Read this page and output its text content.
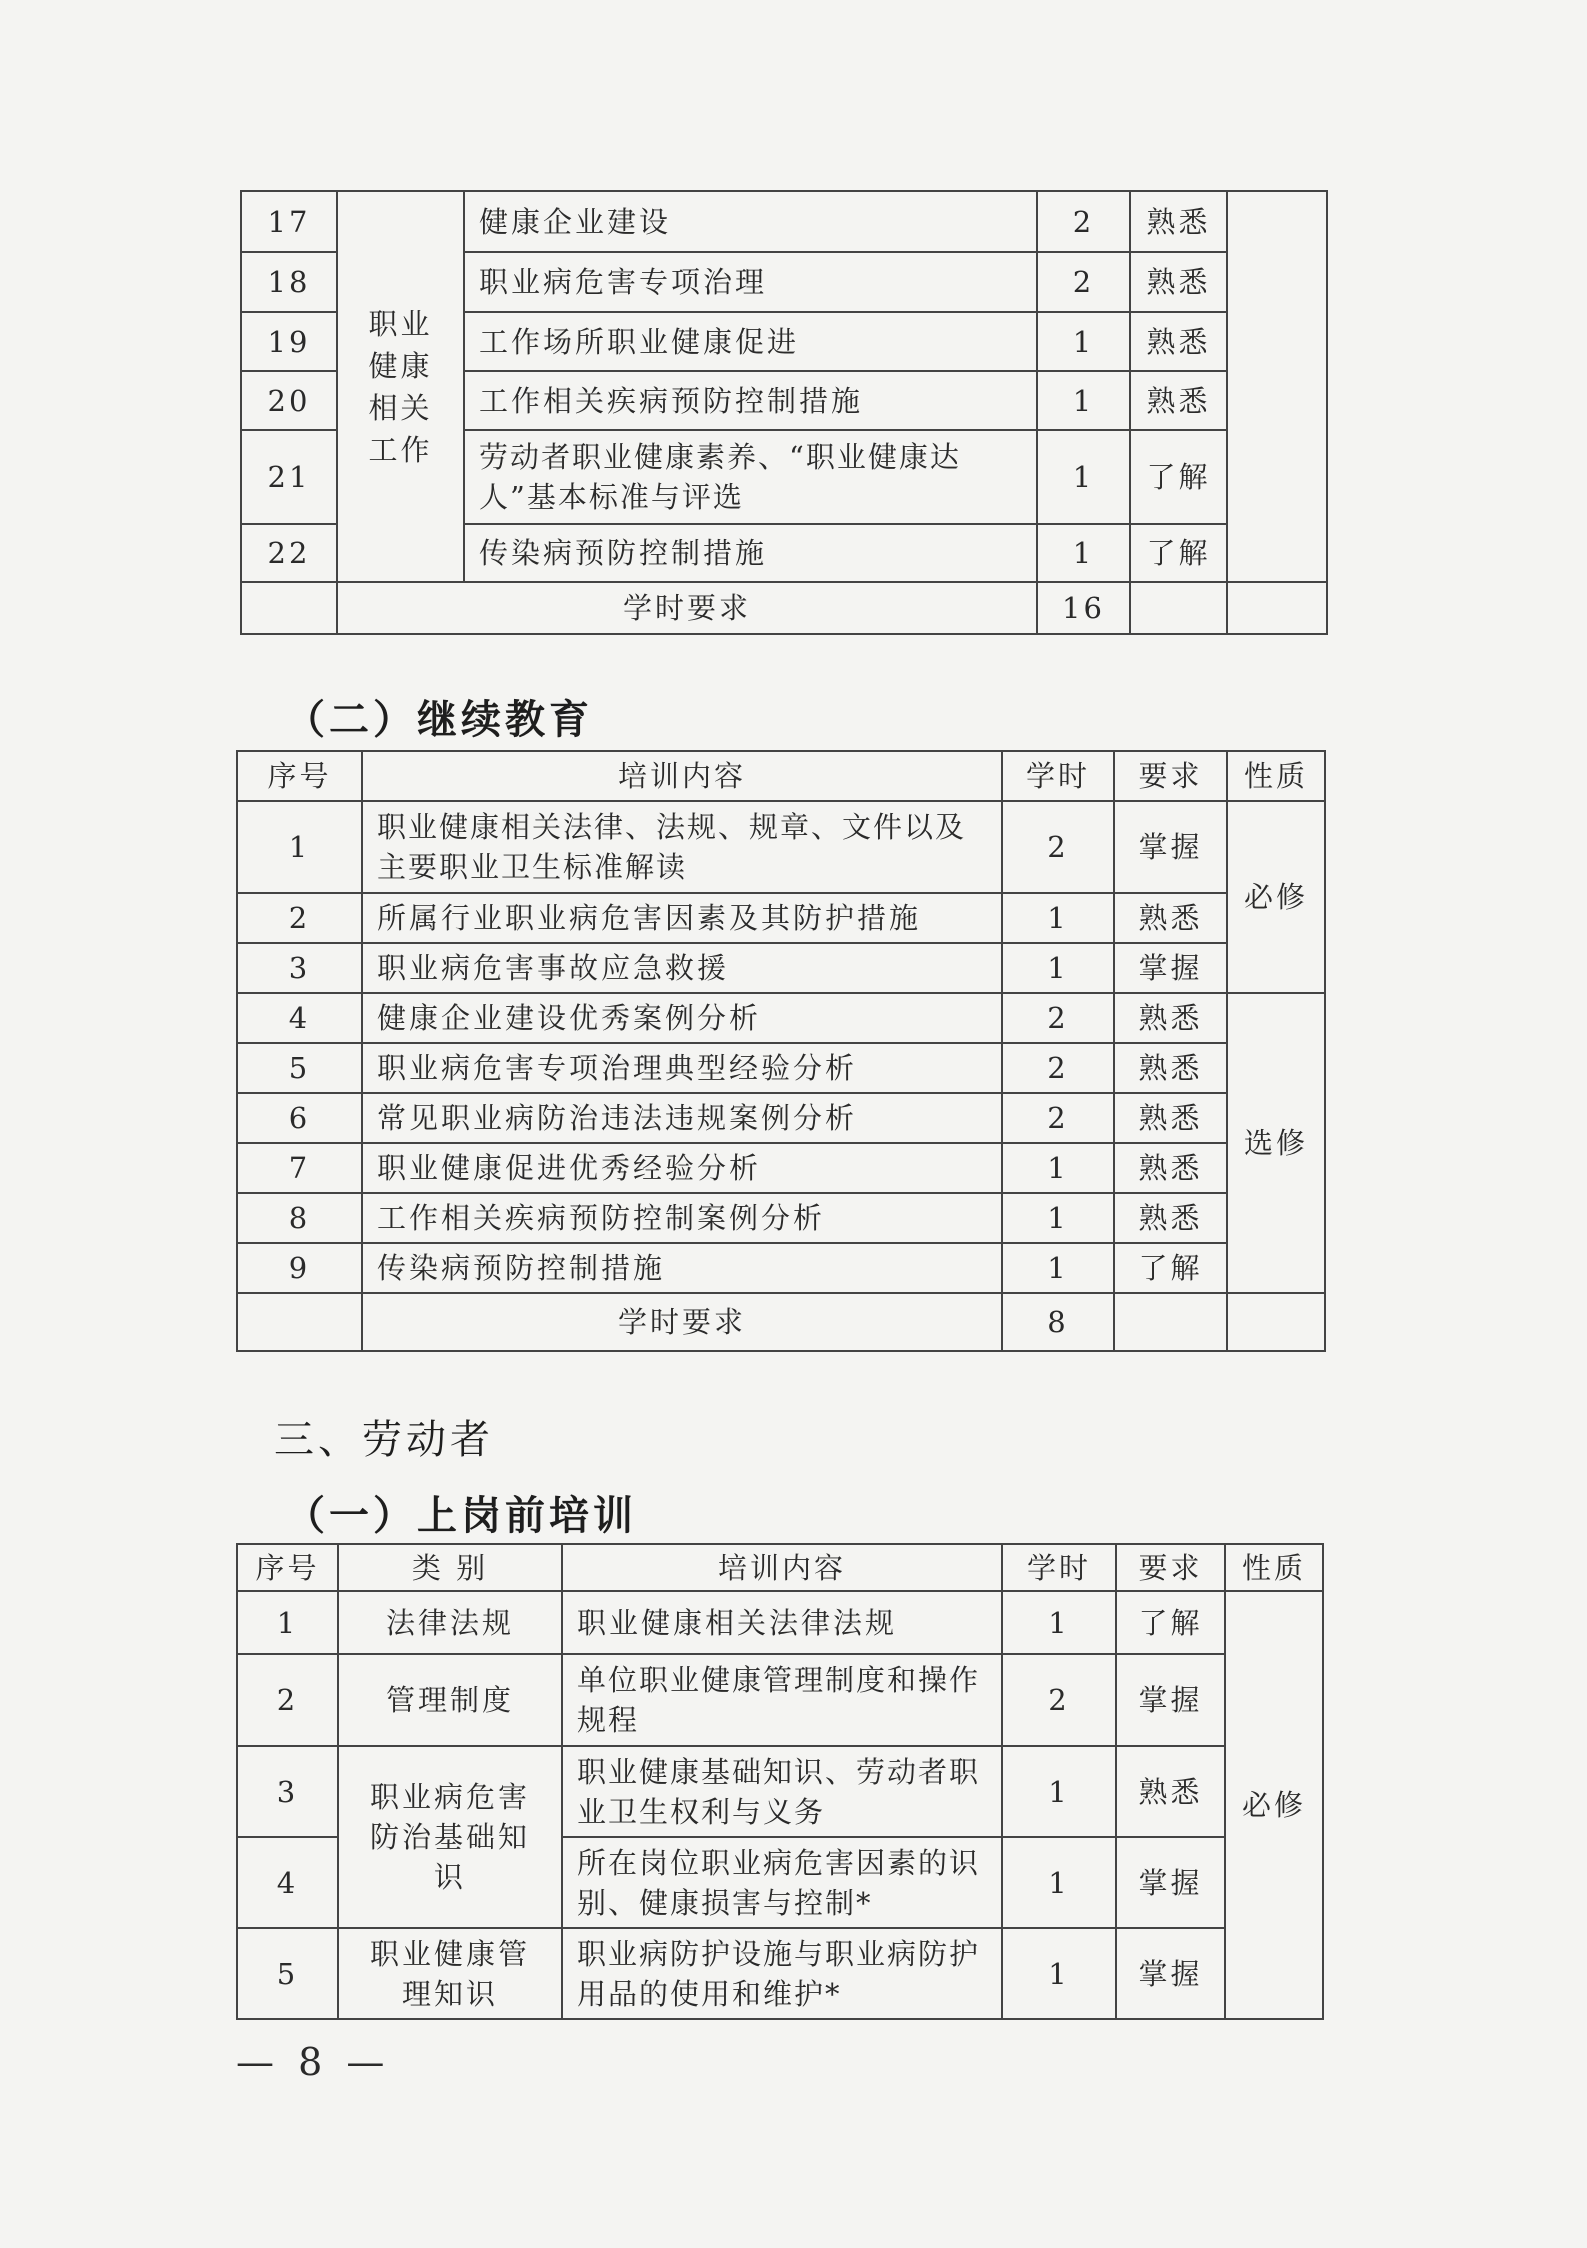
17	职业健康相关工作	健康企业建设	2	熟悉	
18		职业病危害专项治理	2	熟悉	
19		工作场所职业健康促进	1	熟悉	
20		工作相关疾病预防控制措施	1	熟悉	
21		劳动者职业健康素养、“职业健康达人”基本标准与评选	1	了解	
22		传染病预防控制措施	1	了解	
	学时要求		16		
（二）继续教育
序号	培训内容	学时	要求	性质
1	职业健康相关法律、法规、规章、文件以及主要职业卫生标准解读	2	掌握	必修
2	所属行业职业病危害因素及其防护措施	1	熟悉	
3	职业病危害事故应急救援	1	掌握	
4	健康企业建设优秀案例分析	2	熟悉	选修
5	职业病危害专项治理典型经验分析	2	熟悉	
6	常见职业病防治违法违规案例分析	2	熟悉	
7	职业健康促进优秀经验分析	1	熟悉	
8	工作相关疾病预防控制案例分析	1	熟悉	
9	传染病预防控制措施	1	了解	
	学时要求	8		
三、劳动者
（一）上岗前培训
序号	类 别	培训内容	学时	要求	性质
1	法律法规	职业健康相关法律法规	1	了解	必修
2	管理制度	单位职业健康管理制度和操作规程	2	掌握	
3	职业病危害防治基础知识	职业健康基础知识、劳动者职业卫生权利与义务	1	熟悉	
4		所在岗位职业病危害因素的识别、健康损害与控制*	1	掌握	
5	职业健康管理知识	职业病防护设施与职业病防护用品的使用和维护*	1	掌握	
— 8 —
